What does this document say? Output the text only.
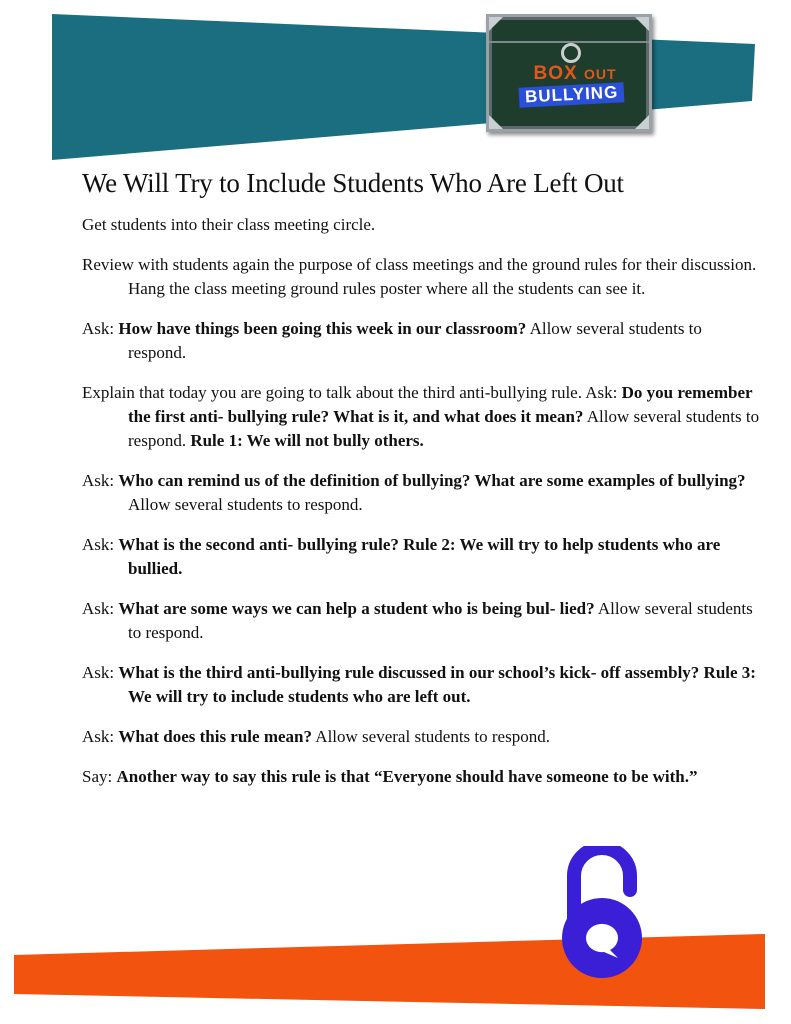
BOX OUT
BULLYING
We Will Try to Include Students Who Are Left Out

Get students into their class meeting circle.

Review with students again the purpose of class meetings and the ground rules for their discussion. Hang the class meeting ground rules poster where all the students can see it.

Ask: How have things been going this week in our classroom? Allow several students to respond.

Explain that today you are going to talk about the third anti-bullying rule. Ask: Do you remember the first anti- bullying rule? What is it, and what does it mean? Allow several students to respond. Rule 1: We will not bully others.

Ask: Who can remind us of the definition of bullying? What are some examples of bullying? Allow several students to respond.

Ask: What is the second anti- bullying rule? Rule 2: We will try to help students who are bullied.

Ask: What are some ways we can help a student who is being bul- lied? Allow several students to respond.

Ask: What is the third anti-bullying rule discussed in our school’s kick- off assembly? Rule 3: We will try to include students who are left out.

Ask: What does this rule mean? Allow several students to respond.

Say: Another way to say this rule is that “Everyone should have someone to be with.”
